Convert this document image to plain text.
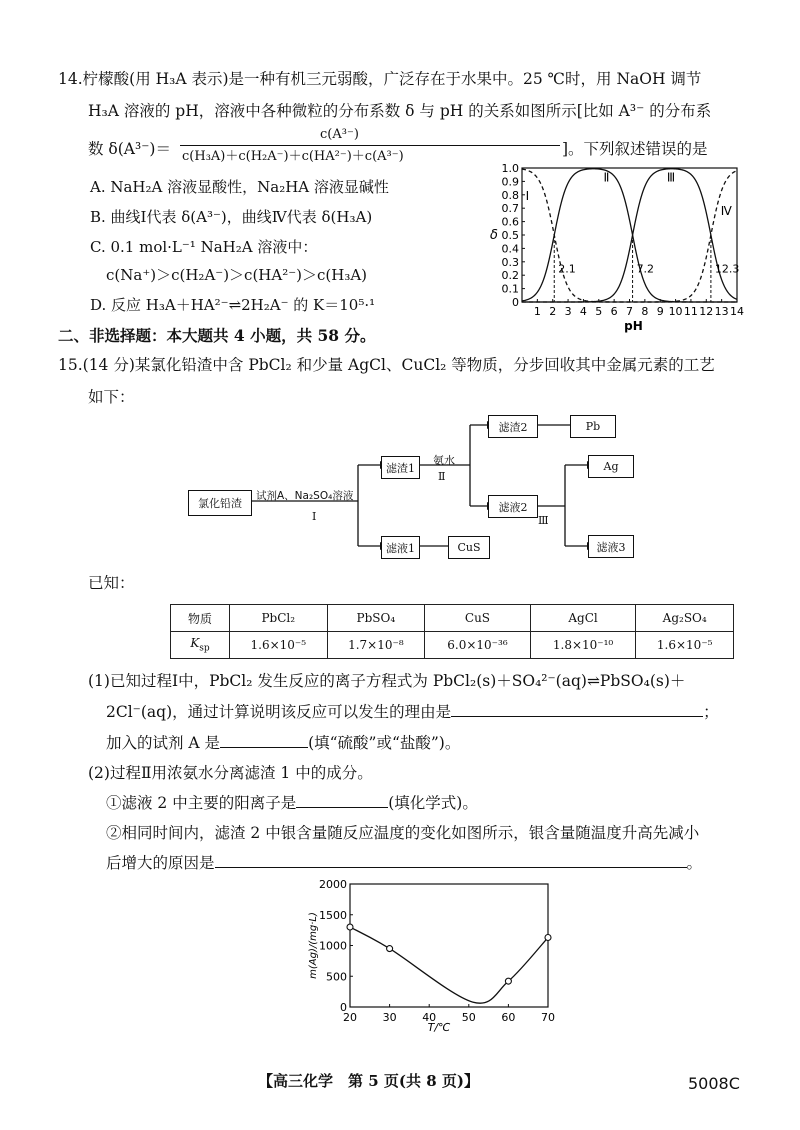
14.柠檬酸(用 H₃A 表示)是一种有机三元弱酸，广泛存在于水果中。25 ℃时，用 NaOH 调节
H₃A 溶液的 pH，溶液中各种微粒的分布系数 δ 与 pH 的关系如图所示[比如 A³⁻ 的分布系
数 δ(A³⁻)＝
c(A³⁻)
c(H₃A)＋c(H₂A⁻)＋c(HA²⁻)＋c(A³⁻)	]。下列叙述错误的是
A. NaH₂A 溶液显酸性，Na₂HA 溶液显碱性
B. 曲线Ⅰ代表 δ(A³⁻)，曲线Ⅳ代表 δ(H₃A)
C. 0.1 mol·L⁻¹ NaH₂A 溶液中：
c(Na⁺)＞c(H₂A⁻)＞c(HA²⁻)＞c(H₃A)
D. 反应 H₃A＋HA²⁻⇌2H₂A⁻ 的 K＝10⁵·¹	0
0.1
0.2
0.3
0.4
0.5
0.6
0.7
0.8
0.9
1.0
1 2 3 4 5 6 7 8 9 10 11 12 13 14
pH
δ
Ⅰ
Ⅱ	Ⅲ
Ⅳ
2.1	7.2	12.3
二、非选择题：本大题共 4 小题，共 58 分。
15.(14 分)某氯化铅渣中含 PbCl₂ 和少量 AgCl、CuCl₂ 等物质，分步回收其中金属元素的工艺
如下：
氯化铅渣
试剂A、Na₂SO₄溶液
Ⅰ
滤渣1
滤液1	CuS
氨水
Ⅱ
滤渣2	Pb
滤液2
Ⅲ
Ag
滤液3
已知：
物质	PbCl₂	PbSO₄	CuS	AgCl	Ag₂SO₄
$K_{sp}$	1.6×10⁻⁵	1.7×10⁻⁸	6.0×10⁻³⁶	1.8×10⁻¹⁰	1.6×10⁻⁵
(1)已知过程Ⅰ中，PbCl₂ 发生反应的离子方程式为 PbCl₂(s)＋SO₄²⁻(aq)⇌PbSO₄(s)＋
2Cl⁻(aq)，通过计算说明该反应可以发生的理由是	；
加入的试剂 A 是	(填“硫酸”或“盐酸”)。
(2)过程Ⅱ用浓氨水分离滤渣 1 中的成分。
①滤液 2 中主要的阳离子是	(填化学式)。
②相同时间内，滤渣 2 中银含量随反应温度的变化如图所示，银含量随温度升高先减小
后增大的原因是	。
0
500
1000
1500
2000
20 30 40 50 60 70
T/℃
m(Ag)/(mg·L)
【高三化学　第 5 页(共 8 页)】	5008C
